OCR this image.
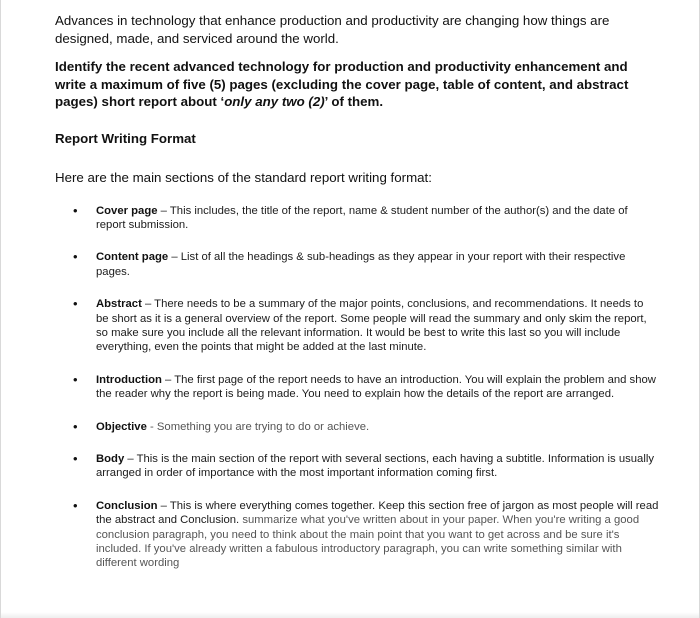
Advances in technology that enhance production and productivity are changing how things are designed, made, and serviced around the world.

Identify the recent advanced technology for production and productivity enhancement and write a maximum of five (5) pages (excluding the cover page, table of content, and abstract pages) short report about ‘only any two (2)’ of them.

Report Writing Format

Here are the main sections of the standard report writing format:

• Cover page – This includes, the title of the report, name & student number of the author(s) and the date of report submission.
• Content page – List of all the headings & sub-headings as they appear in your report with their respective pages.
• Abstract – There needs to be a summary of the major points, conclusions, and recommendations. It needs to be short as it is a general overview of the report. Some people will read the summary and only skim the report, so make sure you include all the relevant information. It would be best to write this last so you will include everything, even the points that might be added at the last minute.
• Introduction – The first page of the report needs to have an introduction. You will explain the problem and show the reader why the report is being made. You need to explain how the details of the report are arranged.
• Objective - Something you are trying to do or achieve.
• Body – This is the main section of the report with several sections, each having a subtitle. Information is usually arranged in order of importance with the most important information coming first.
• Conclusion – This is where everything comes together. Keep this section free of jargon as most people will read the abstract and Conclusion. summarize what you've written about in your paper. When you're writing a good conclusion paragraph, you need to think about the main point that you want to get across and be sure it's included. If you've already written a fabulous introductory paragraph, you can write something similar with different wording
